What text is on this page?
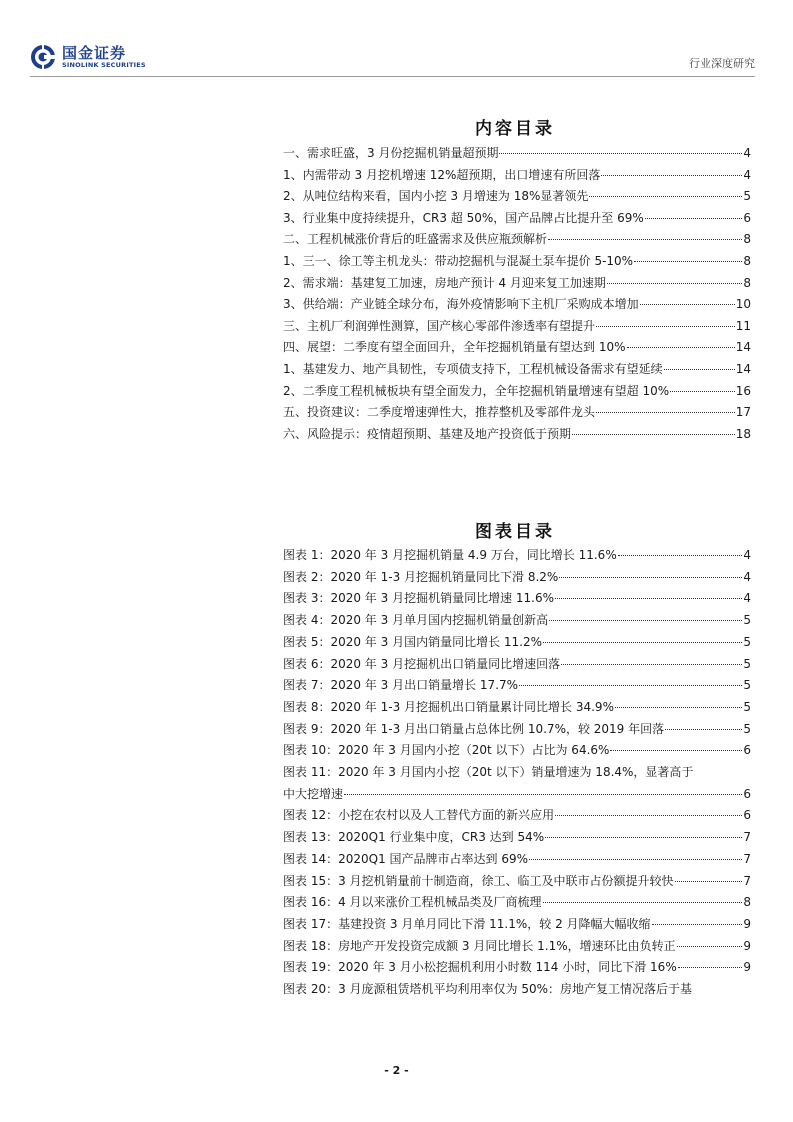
国金证券
SINOLINK SECURITIES	行业深度研究
内容目录
一、需求旺盛，3 月份挖掘机销量超预期	4
1、内需带动 3 月挖机增速 12%超预期，出口增速有所回落	4
2、从吨位结构来看，国内小挖 3 月增速为 18%显著领先	5
3、行业集中度持续提升，CR3 超 50%，国产品牌占比提升至 69%	6
二、工程机械涨价背后的旺盛需求及供应瓶颈解析	8
1、三一、徐工等主机龙头：带动挖掘机与混凝土泵车提价 5-10%	8
2、需求端：基建复工加速，房地产预计 4 月迎来复工加速期	8
3、供给端：产业链全球分布，海外疫情影响下主机厂采购成本增加	10
三、主机厂利润弹性测算，国产核心零部件渗透率有望提升	11
四、展望：二季度有望全面回升，全年挖掘机销量有望达到 10%	14
1、基建发力、地产具韧性，专项债支持下，工程机械设备需求有望延续	14
2、二季度工程机械板块有望全面发力，全年挖掘机销量增速有望超 10%	16
五、投资建议：二季度增速弹性大，推荐整机及零部件龙头	17
六、风险提示：疫情超预期、基建及地产投资低于预期	18
图表目录
图表 1：2020 年 3 月挖掘机销量 4.9 万台，同比增长 11.6%	4
图表 2：2020 年 1-3 月挖掘机销量同比下滑 8.2%	4
图表 3：2020 年 3 月挖掘机销量同比增速 11.6%	4
图表 4：2020 年 3 月单月国内挖掘机销量创新高	5
图表 5：2020 年 3 月国内销量同比增长 11.2%	5
图表 6：2020 年 3 月挖掘机出口销量同比增速回落	5
图表 7：2020 年 3 月出口销量增长 17.7%	5
图表 8：2020 年 1-3 月挖掘机出口销量累计同比增长 34.9%	5
图表 9：2020 年 1-3 月出口销量占总体比例 10.7%，较 2019 年回落	5
图表 10：2020 年 3 月国内小挖（20t 以下）占比为 64.6%	6
图表 11：2020 年 3 月国内小挖（20t 以下）销量增速为 18.4%，显著高于
中大挖增速	6
图表 12：小挖在农村以及人工替代方面的新兴应用	6
图表 13：2020Q1 行业集中度，CR3 达到 54%	7
图表 14：2020Q1 国产品牌市占率达到 69%	7
图表 15：3 月挖机销量前十制造商，徐工、临工及中联市占份额提升较快	7
图表 16：4 月以来涨价工程机械品类及厂商梳理	8
图表 17：基建投资 3 月单月同比下滑 11.1%，较 2 月降幅大幅收缩	9
图表 18：房地产开发投资完成额 3 月同比增长 1.1%，增速环比由负转正	9
图表 19：2020 年 3 月小松挖掘机利用小时数 114 小时，同比下滑 16%	9
图表 20：3 月庞源租赁塔机平均利用率仅为 50%：房地产复工情况落后于基
- 2 -
